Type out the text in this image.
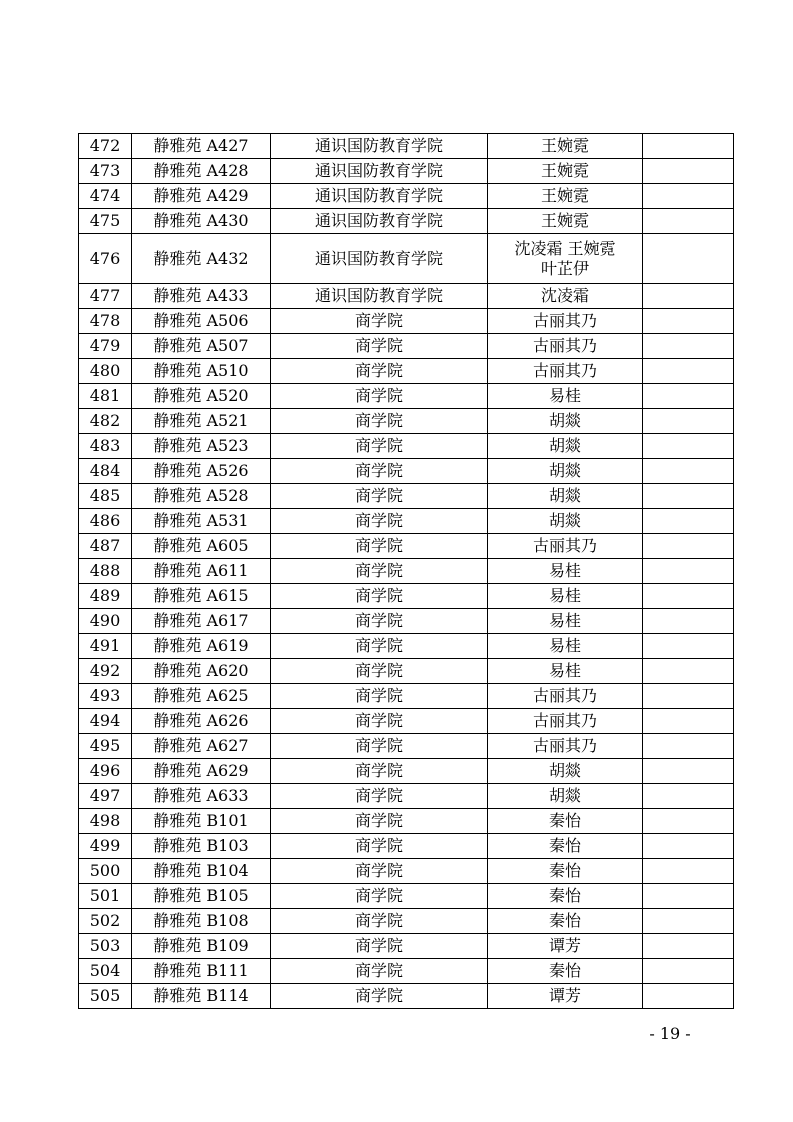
472	静雅苑 A427	通识国防教育学院	王婉霓	

473	静雅苑 A428	通识国防教育学院	王婉霓	

474	静雅苑 A429	通识国防教育学院	王婉霓	

475	静雅苑 A430	通识国防教育学院	王婉霓	

476	静雅苑 A432	通识国防教育学院	沈凌霜 王婉霓
叶芷伊	

477	静雅苑 A433	通识国防教育学院	沈凌霜	

478	静雅苑 A506	商学院	古丽其乃	

479	静雅苑 A507	商学院	古丽其乃	

480	静雅苑 A510	商学院	古丽其乃	

481	静雅苑 A520	商学院	易桂	

482	静雅苑 A521	商学院	胡燚	

483	静雅苑 A523	商学院	胡燚	

484	静雅苑 A526	商学院	胡燚	

485	静雅苑 A528	商学院	胡燚	

486	静雅苑 A531	商学院	胡燚	

487	静雅苑 A605	商学院	古丽其乃	

488	静雅苑 A611	商学院	易桂	

489	静雅苑 A615	商学院	易桂	

490	静雅苑 A617	商学院	易桂	

491	静雅苑 A619	商学院	易桂	

492	静雅苑 A620	商学院	易桂	

493	静雅苑 A625	商学院	古丽其乃	

494	静雅苑 A626	商学院	古丽其乃	

495	静雅苑 A627	商学院	古丽其乃	

496	静雅苑 A629	商学院	胡燚	

497	静雅苑 A633	商学院	胡燚	

498	静雅苑 B101	商学院	秦怡	

499	静雅苑 B103	商学院	秦怡	

500	静雅苑 B104	商学院	秦怡	

501	静雅苑 B105	商学院	秦怡	

502	静雅苑 B108	商学院	秦怡	

503	静雅苑 B109	商学院	谭芳	

504	静雅苑 B111	商学院	秦怡	

505	静雅苑 B114	商学院	谭芳	

- 19 -
